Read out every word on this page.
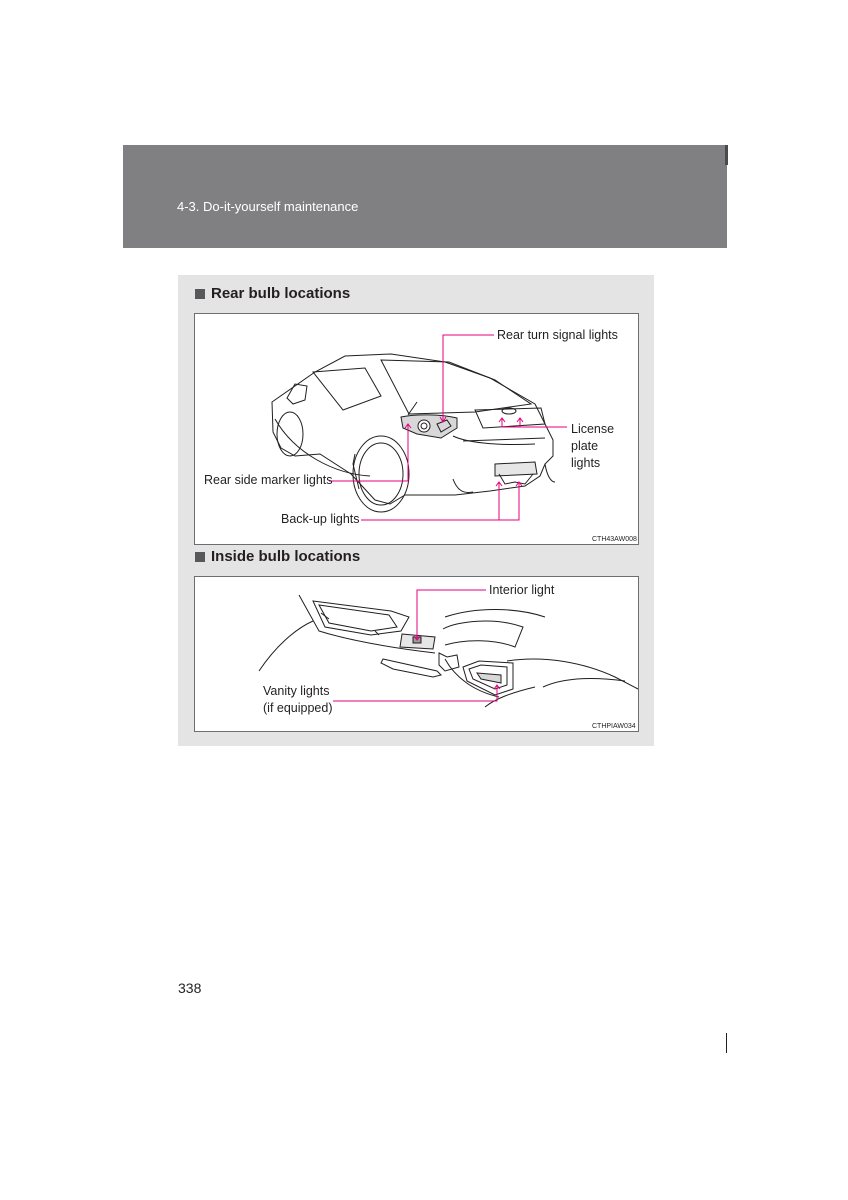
4-3. Do-it-yourself maintenance
Rear bulb locations
Rear turn signal lights
License
plate
lights
Rear side marker lights
Back-up lights
CTH43AW008
Inside bulb locations
Interior light
Vanity lights
(if equipped)
CTHPIAW034
338
